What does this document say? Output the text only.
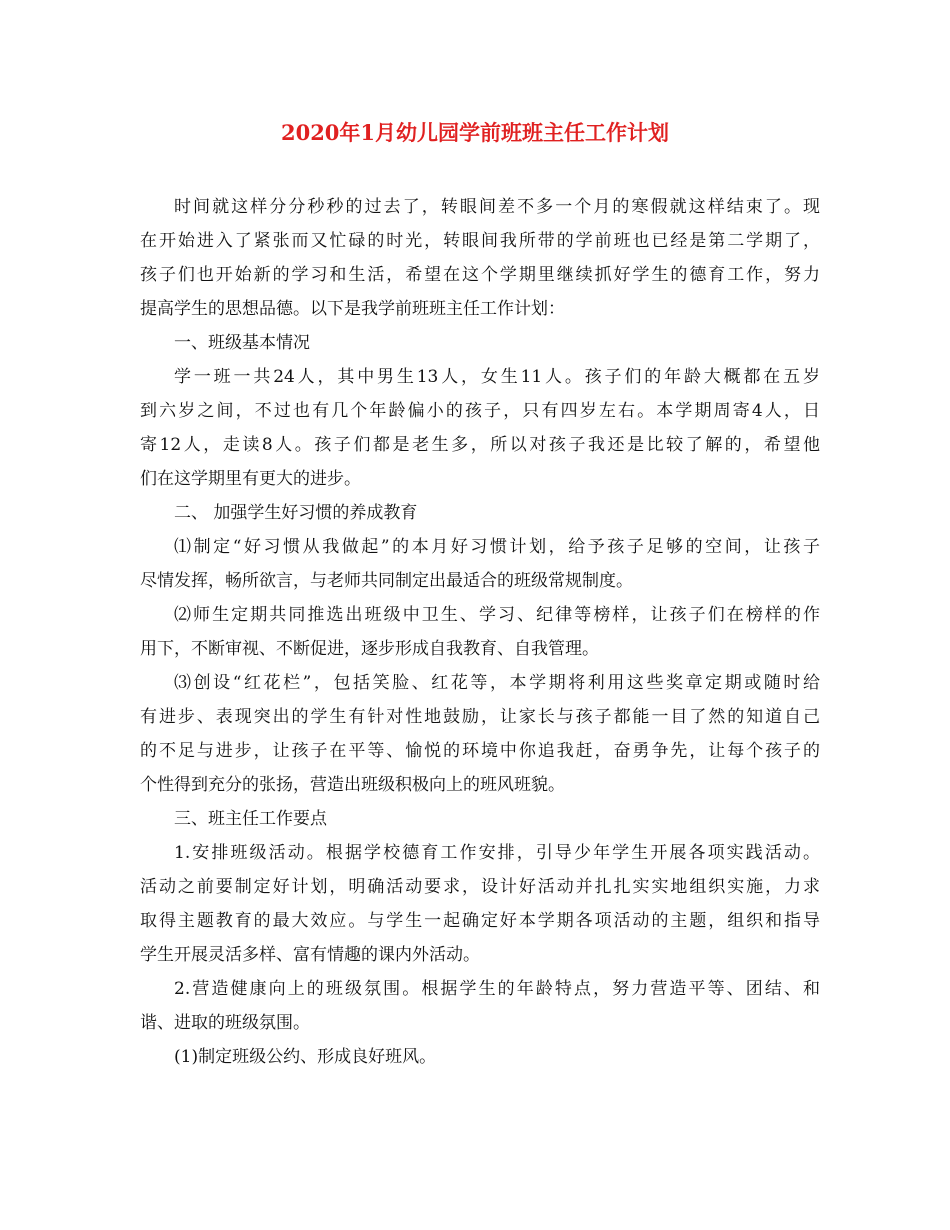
2020年1月幼儿园学前班班主任工作计划
时间就这样分分秒秒的过去了，转眼间差不多一个月的寒假就这样结束了。现
在开始进入了紧张而又忙碌的时光，转眼间我所带的学前班也已经是第二学期了，
孩子们也开始新的学习和生活，希望在这个学期里继续抓好学生的德育工作，努力
提高学生的思想品德。以下是我学前班班主任工作计划：
一、班级基本情况
学一班一共24人，其中男生13人，女生11人。孩子们的年龄大概都在五岁
到六岁之间，不过也有几个年龄偏小的孩子，只有四岁左右。本学期周寄4人，日
寄12人，走读8人。孩子们都是老生多，所以对孩子我还是比较了解的，希望他
们在这学期里有更大的进步。
二、 加强学生好习惯的养成教育
⑴制定“好习惯从我做起”的本月好习惯计划，给予孩子足够的空间，让孩子
尽情发挥，畅所欲言，与老师共同制定出最适合的班级常规制度。
⑵师生定期共同推选出班级中卫生、学习、纪律等榜样，让孩子们在榜样的作
用下，不断审视、不断促进，逐步形成自我教育、自我管理。
⑶创设“红花栏”，包括笑脸、红花等，本学期将利用这些奖章定期或随时给
有进步、表现突出的学生有针对性地鼓励，让家长与孩子都能一目了然的知道自己
的不足与进步，让孩子在平等、愉悦的环境中你追我赶，奋勇争先，让每个孩子的
个性得到充分的张扬，营造出班级积极向上的班风班貌。
三、班主任工作要点
1.安排班级活动。根据学校德育工作安排，引导少年学生开展各项实践活动。
活动之前要制定好计划，明确活动要求，设计好活动并扎扎实实地组织实施，力求
取得主题教育的最大效应。与学生一起确定好本学期各项活动的主题，组织和指导
学生开展灵活多样、富有情趣的课内外活动。
2.营造健康向上的班级氛围。根据学生的年龄特点，努力营造平等、团结、和
谐、进取的班级氛围。
(1)制定班级公约、形成良好班风。
